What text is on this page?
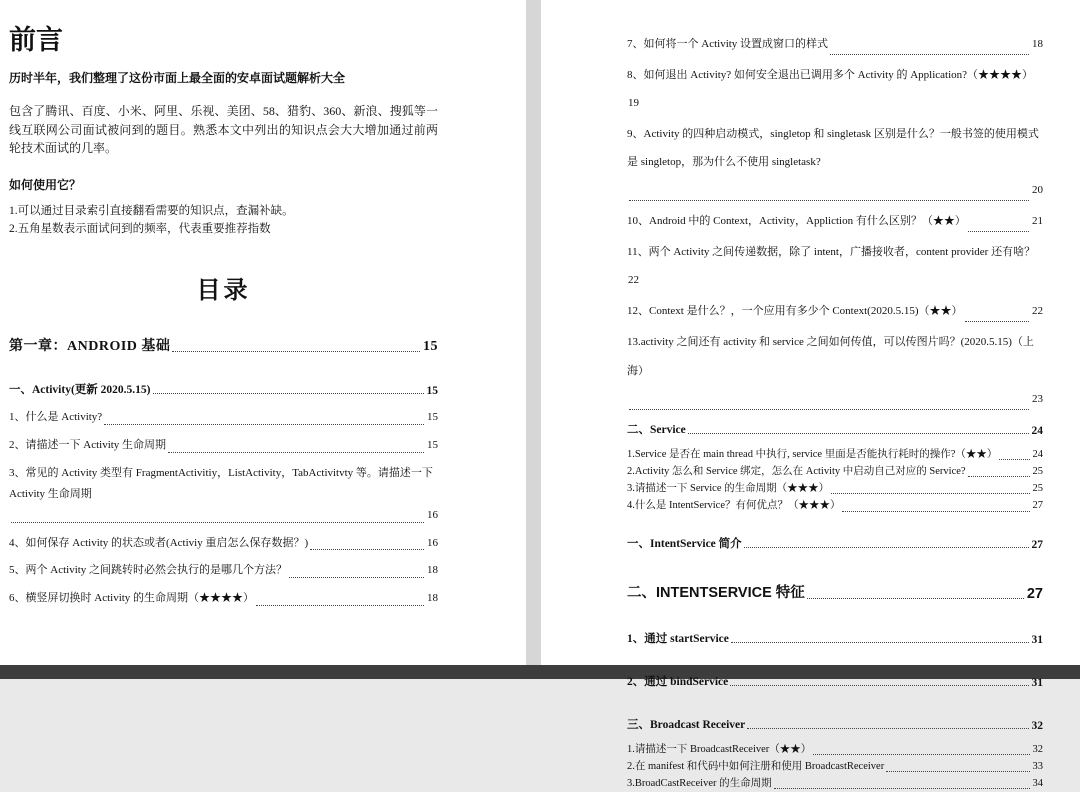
前言

历时半年，我们整理了这份市面上最全面的安卓面试题解析大全

包含了腾讯、百度、小米、阿里、乐视、美团、58、猎豹、360、新浪、搜狐等一线互联网公司面试被问到的题目。熟悉本文中列出的知识点会大大增加通过前两轮技术面试的几率。

如何使用它？

1.可以通过目录索引直接翻看需要的知识点，查漏补缺。

2.五角星数表示面试问到的频率，代表重要推荐指数

目录
第一章：ANDROID 基础	15
一、Activity(更新 2020.5.15)	15
1、什么是 Activity?	15
2、请描述一下 Activity 生命周期	15
3、常见的 Activity 类型有 FragmentActivitiy，ListActivity，TabActivitvty 等。请描述一下 Activity 生命周期
16
4、如何保存 Activity 的状态或者(Activiy 重启怎么保存数据？)	16
5、两个 Activity 之间跳转时必然会执行的是哪几个方法？	18
6、横竖屏切换时 Activity 的生命周期（★★★★）	18
7、如何将一个 Activity 设置成窗口的样式	18
8、如何退出 Activity? 如何安全退出已调用多个 Activity 的 Application?（★★★★）
19
9、Activity 的四种启动模式，singletop 和 singletask 区别是什么？一般书签的使用模式是 singletop，那为什么不使用 singletask?
20
10、Android 中的 Context，Activity，Appliction 有什么区别？（★★）	21
11、两个 Activity 之间传递数据，除了 intent，广播接收者，content provider 还有啥？
22
12、Context 是什么？，一个应用有多少个 Context(2020.5.15)（★★）	22
13.activity 之间还有 activity 和 service 之间如何传值，可以传图片吗？(2020.5.15)（上海）
23
二、Service	24
1.Service 是否在 main thread 中执行, service 里面是否能执行耗时的操作?（★★）	24
2.Activity 怎么和 Service 绑定，怎么在 Activity 中启动自己对应的 Service?	25
3.请描述一下 Service 的生命周期（★★★）	25
4.什么是 IntentService？有何优点？（★★★）	27
一、IntentService 简介	27
二、INTENTSERVICE 特征	27
1、通过 startService	31
2、通过 bindService	31
三、Broadcast Receiver	32
1.请描述一下 BroadcastReceiver（★★）	32
2.在 manifest 和代码中如何注册和使用 BroadcastReceiver	33
3.BroadCastReceiver 的生命周期	34
